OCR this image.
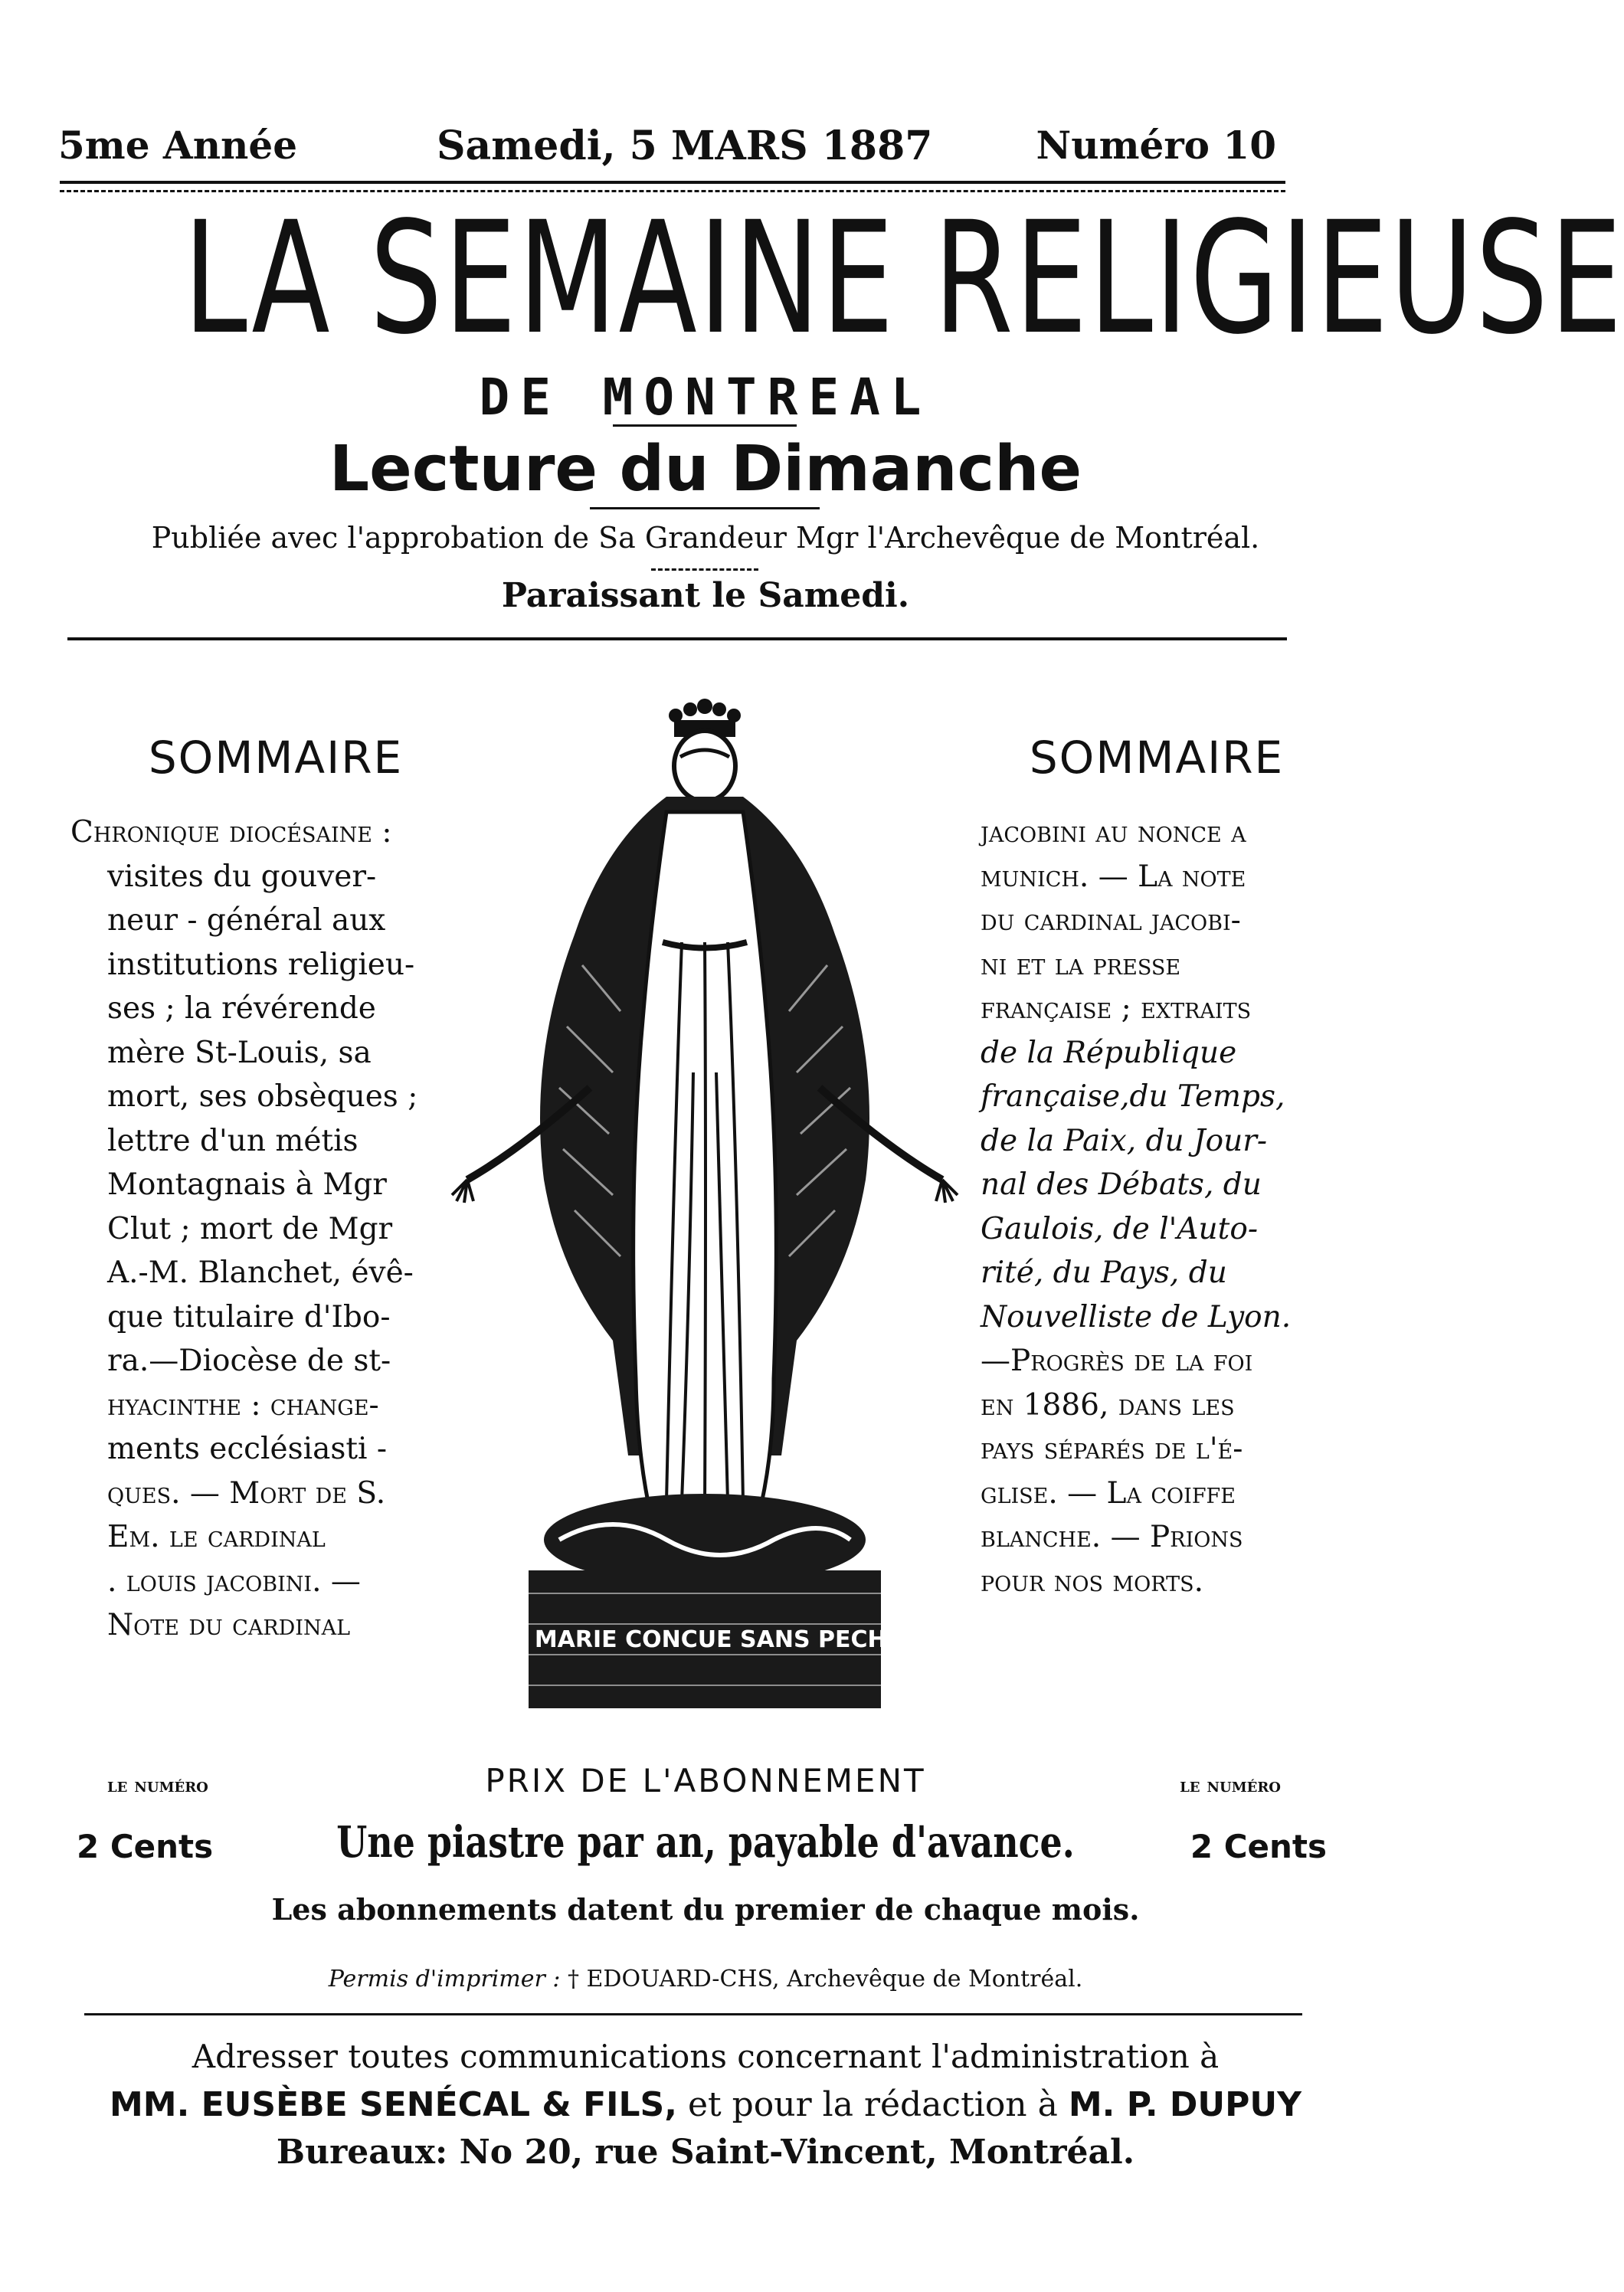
5me Année	Samedi, 5 MARS 1887	Numéro 10
LA SEMAINE RELIGIEUSE
DE MONTREAL
Lecture du Dimanche
Publiée avec l'approbation de Sa Grandeur Mgr l'Archevêque de Montréal.
Paraissant le Samedi.
SOMMAIRE
Chronique diocésaine :
visites du gouver-
neur - général aux
institutions religieu-
ses ; la révérende
mère St-Louis, sa
mort, ses obsèques ;
lettre d'un métis
Montagnais à Mgr
Clut ; mort de Mgr
A.-M. Blanchet, évê-
que titulaire d'Ibo-
ra.—Diocèse de st-
hyacinthe : change-
ments ecclésiasti -
ques. — Mort de S.
Em. le cardinal
. louis jacobini. —
Note du cardinal	O MARIE CONCUE SANS PECHE
SOMMAIRE
jacobini au nonce a
munich. — La note
du cardinal jacobi-
ni et la presse
française ; extraits
de la République
française,du Temps,
de la Paix, du Jour-
nal des Débats, du
Gaulois, de l'Auto-
rité, du Pays, du
Nouvelliste de Lyon.
—Progrès de la foi
en 1886, dans les
pays séparés de l'é-
glise. — La coiffe
blanche. — Prions
pour nos morts.
le numéro	PRIX DE L'ABONNEMENT	le numéro
Une piastre par an, payable d'avance.
2 Cents	2 Cents
Les abonnements datent du premier de chaque mois.
Permis d'imprimer : † EDOUARD-CHS, Archevêque de Montréal.
Adresser toutes communications concernant l'administration à
MM. EUSÈBE SENÉCAL & FILS, et pour la rédaction à M. P. DUPUY
Bureaux: No 20, rue Saint-Vincent, Montréal.
